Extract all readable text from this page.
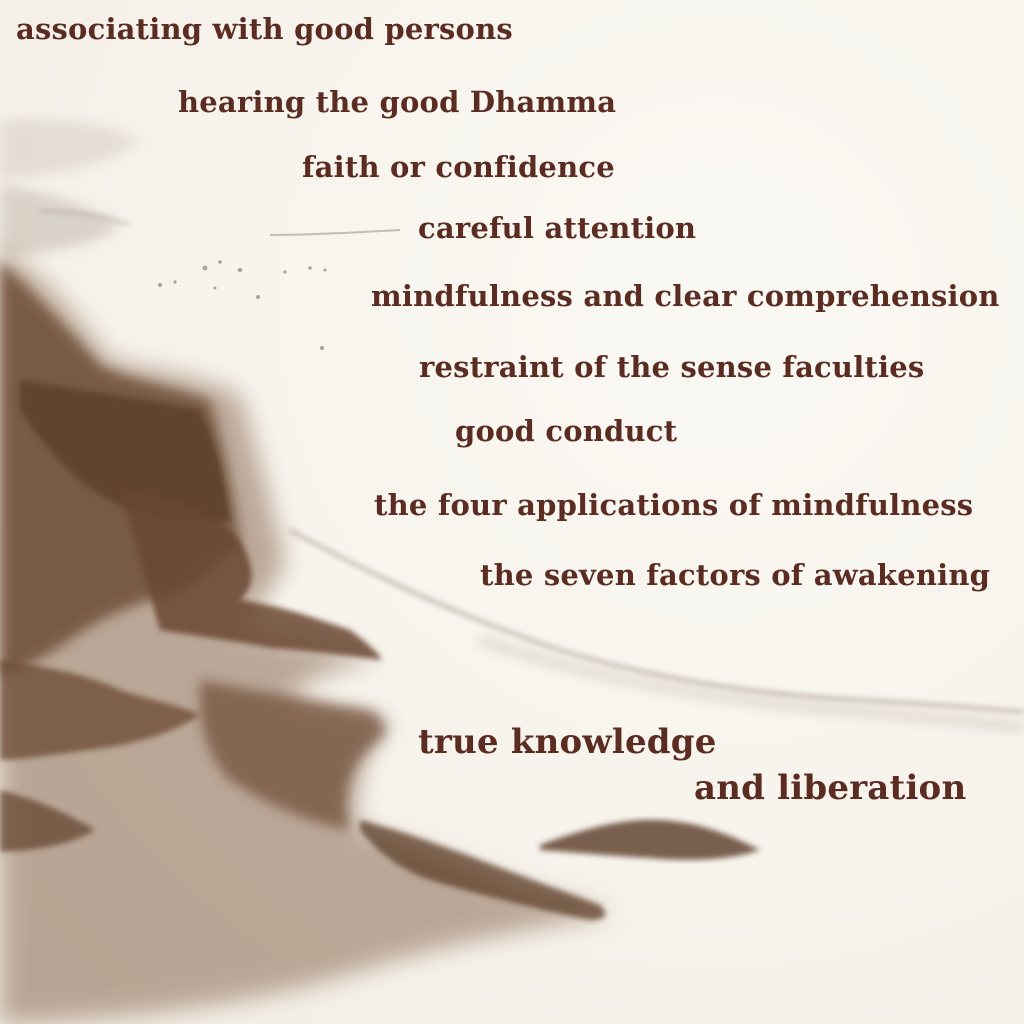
associating with good persons

hearing the good Dhamma

faith or confidence

careful attention

mindfulness and clear comprehension

restraint of the sense faculties

good conduct

the four applications of mindfulness

the seven factors of awakening

true knowledge

and liberation
